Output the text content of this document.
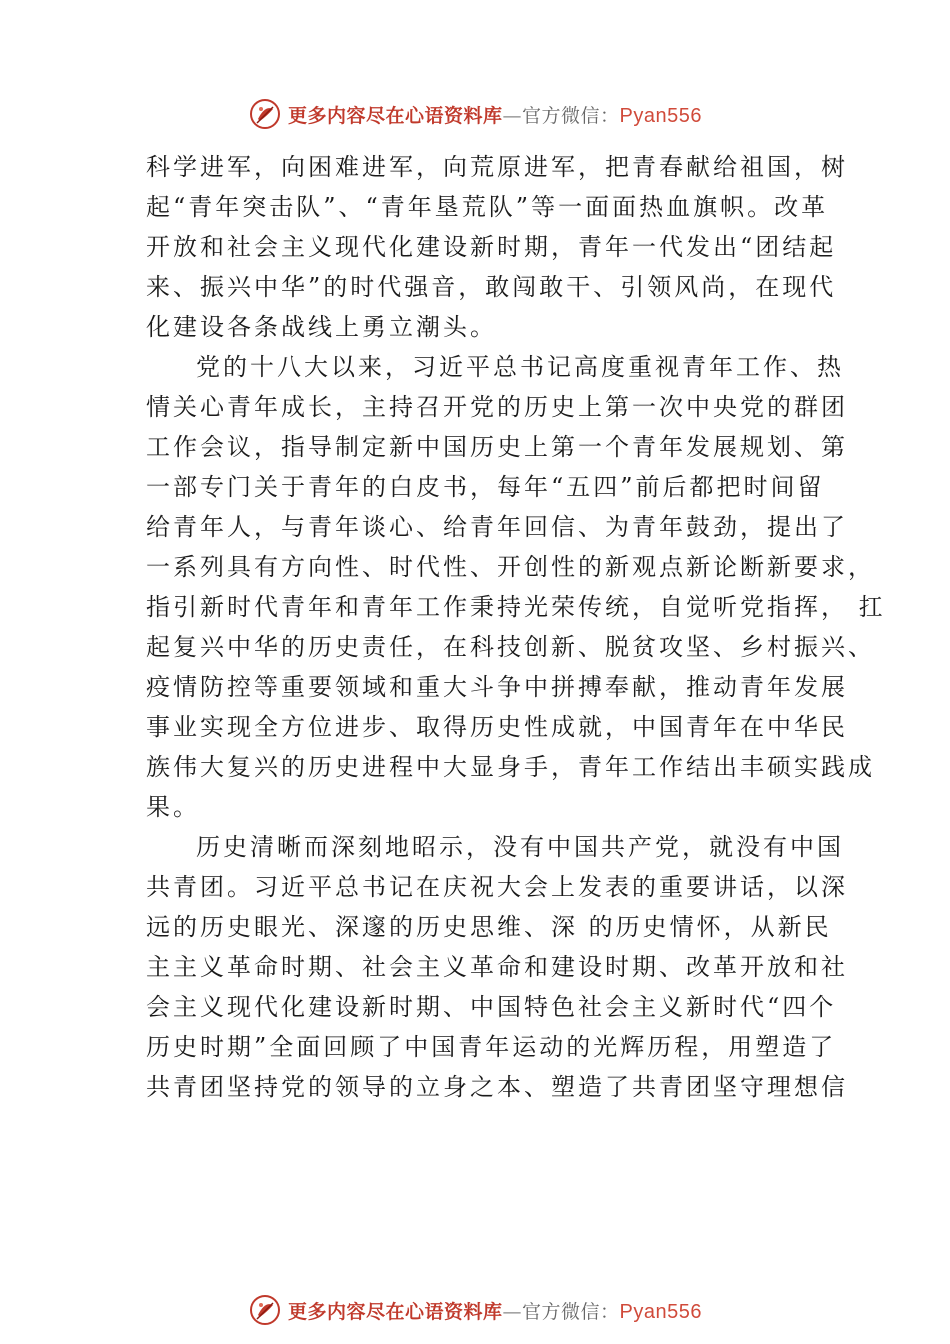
更多内容尽在心语资料库—官方微信：Pyan556
科学进军，向困难进军，向荒原进军，把青春献给祖国，树
起“青年突击队”、“青年垦荒队”等一面面热血旗帜。改革
开放和社会主义现代化建设新时期，青年一代发出“团结起
来、振兴中华”的时代强音，敢闯敢干、引领风尚，在现代
化建设各条战线上勇立潮头。
党的十八大以来，习近平总书记高度重视青年工作、热
情关心青年成长，主持召开党的历史上第一次中央党的群团
工作会议，指导制定新中国历史上第一个青年发展规划、第
一部专门关于青年的白皮书，每年“五四”前后都把时间留
给青年人，与青年谈心、给青年回信、为青年鼓劲，提出了
一系列具有方向性、时代性、开创性的新观点新论断新要求，
指引新时代青年和青年工作秉持光荣传统，自觉听党指挥， 扛
起复兴中华的历史责任，在科技创新、脱贫攻坚、乡村振兴、
疫情防控等重要领域和重大斗争中拼搏奉献，推动青年发展
事业实现全方位进步、取得历史性成就，中国青年在中华民
族伟大复兴的历史进程中大显身手，青年工作结出丰硕实践成
果。
历史清晰而深刻地昭示，没有中国共产党，就没有中国
共青团。习近平总书记在庆祝大会上发表的重要讲话，以深
远的历史眼光、深邃的历史思维、深 的历史情怀，从新民
主主义革命时期、社会主义革命和建设时期、改革开放和社
会主义现代化建设新时期、中国特色社会主义新时代“四个
历史时期”全面回顾了中国青年运动的光辉历程，用塑造了
共青团坚持党的领导的立身之本、塑造了共青团坚守理想信
更多内容尽在心语资料库—官方微信：Pyan556
